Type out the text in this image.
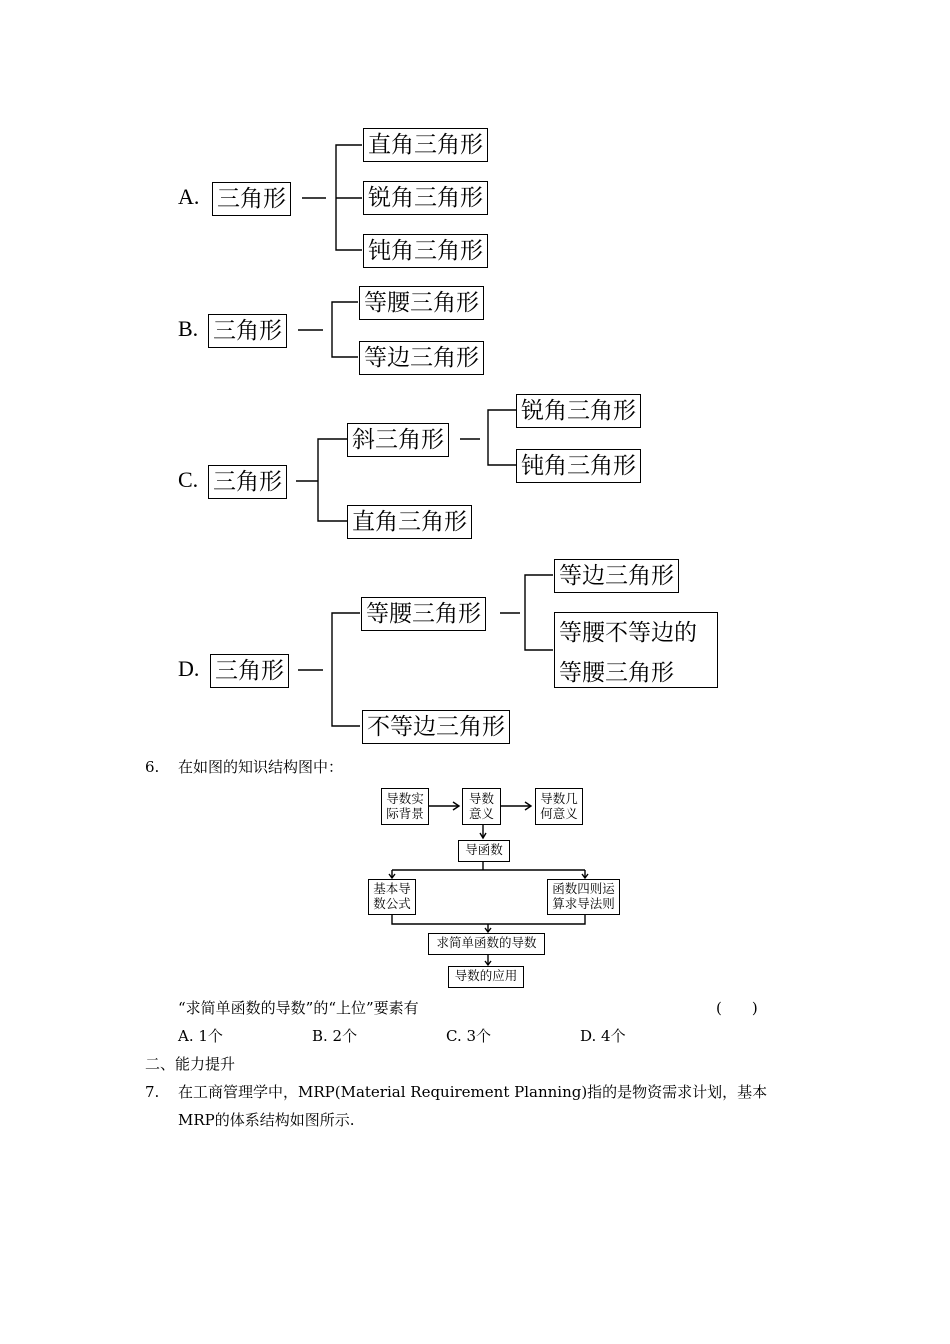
A. 三角形
直角三角形
锐角三角形
钝角三角形
B. 三角形
等腰三角形
等边三角形
C. 三角形
斜三角形
锐角三角形
钝角三角形
直角三角形
D. 三角形
等腰三角形
等边三角形
等腰不等边的等腰三角形
不等边三角形
6. 在如图的知识结构图中：
导数实际背景
导数意义
导数几何意义
导函数
基本导数公式
函数四则运算求导法则
求简单函数的导数
导数的应用
“求简单函数的导数”的“上位”要素有	(　　)
A. 1个	B. 2个	C. 3个	D. 4个
二、能力提升
7. 在工商管理学中，MRP(Material Requirement Planning)指的是物资需求计划，基本
MRP的体系结构如图所示.
